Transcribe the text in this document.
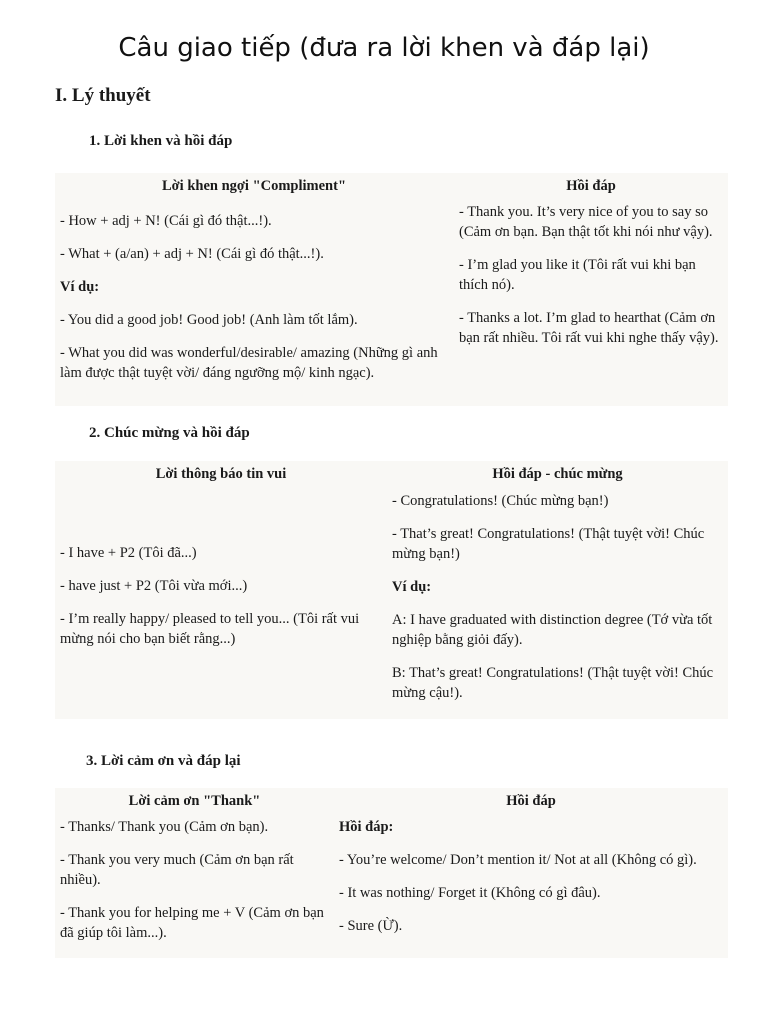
Câu giao tiếp (đưa ra lời khen và đáp lại)
I. Lý thuyết
1. Lời khen và hồi đáp
Lời khen ngợi "Compliment"

- How + adj + N! (Cái gì đó thật...!).

- What + (a/an) + adj + N! (Cái gì đó thật...!).

Ví dụ:

- You did a good job! Good job! (Anh làm tốt lắm).

- What you did was wonderful/desirable/ amazing (Những gì anh làm được thật tuyệt vời/ đáng ngưỡng mộ/ kinh ngạc).

Hồi đáp

- Thank you. It’s very nice of you to say so (Cảm ơn bạn. Bạn thật tốt khi nói như vậy).

- I’m glad you like it (Tôi rất vui khi bạn thích nó).

- Thanks a lot. I’m glad to hearthat (Cảm ơn bạn rất nhiều. Tôi rất vui khi nghe thấy vậy).

2. Chúc mừng và hồi đáp
Lời thông báo tin vui

- I have + P2 (Tôi đã...)

- have just + P2 (Tôi vừa mới...)

- I’m really happy/ pleased to tell you... (Tôi rất vui mừng nói cho bạn biết rằng...)

Hồi đáp - chúc mừng

- Congratulations! (Chúc mừng bạn!)

- That’s great! Congratulations! (Thật tuyệt vời! Chúc mừng bạn!)

Ví dụ:

A: I have graduated with distinction degree (Tớ vừa tốt nghiệp bằng giỏi đấy).

B: That’s great! Congratulations! (Thật tuyệt vời! Chúc mừng cậu!).

3. Lời cảm ơn và đáp lại
Lời cảm ơn "Thank"

- Thanks/ Thank you (Cảm ơn bạn).

- Thank you very much (Cảm ơn bạn rất nhiều).

- Thank you for helping me + V (Cảm ơn bạn đã giúp tôi làm...).

Hồi đáp

Hồi đáp:

- You’re welcome/ Don’t mention it/ Not at all (Không có gì).

- It was nothing/ Forget it (Không có gì đâu).

- Sure (Ừ).
